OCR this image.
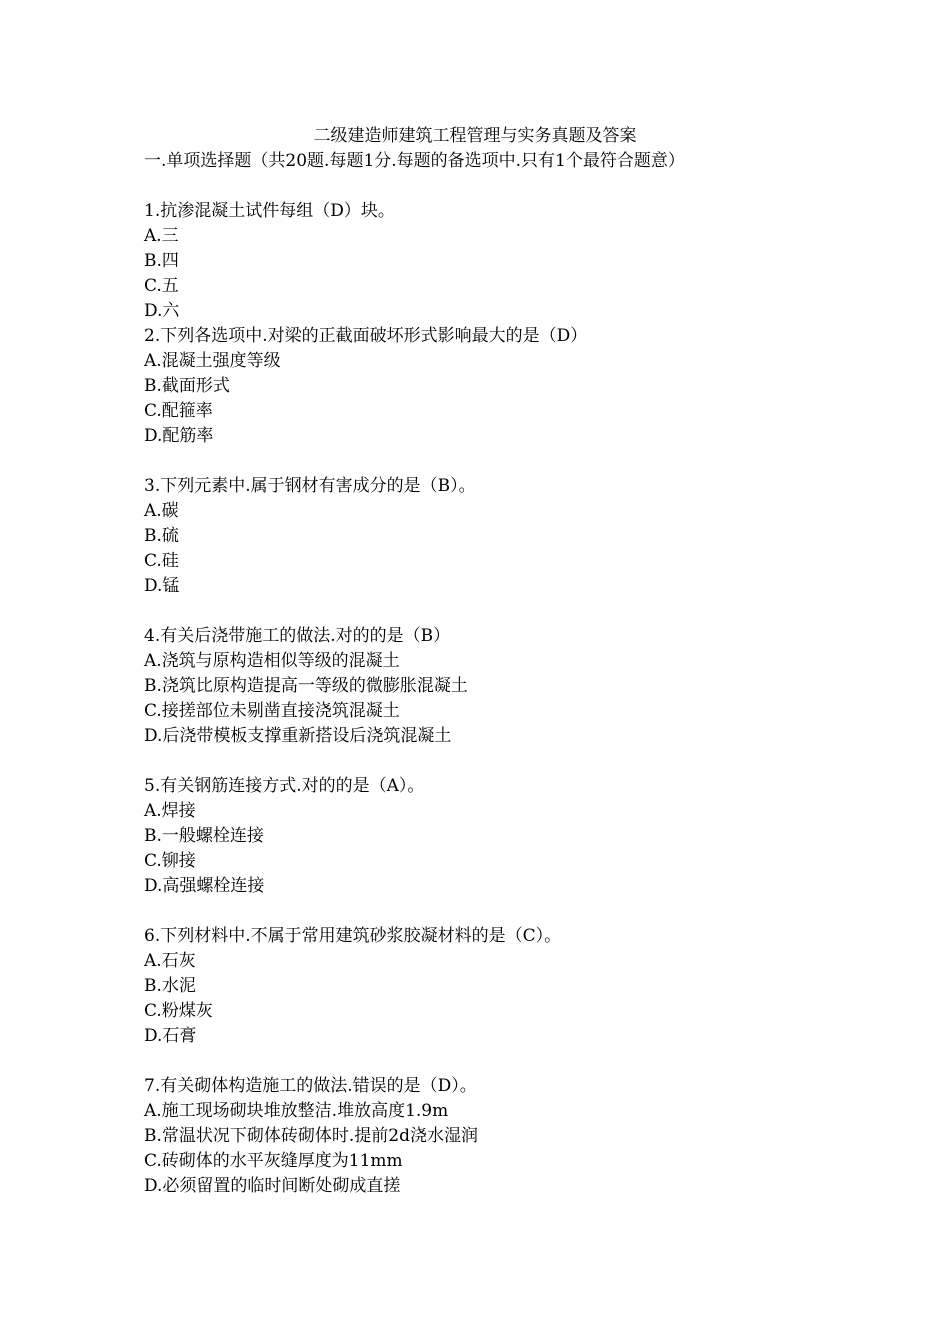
二级建造师建筑工程管理与实务真题及答案
一.单项选择题（共20题.每题1分.每题的备选项中.只有1个最符合题意）
1.抗渗混凝土试件每组（D）块。
A.三
B.四
C.五
D.六
2.下列各选项中.对梁的正截面破坏形式影响最大的是（D）
A.混凝土强度等级
B.截面形式
C.配箍率
D.配筋率
3.下列元素中.属于钢材有害成分的是（B）。
A.碳
B.硫
C.硅
D.锰
4.有关后浇带施工的做法.对的的是（B）
A.浇筑与原构造相似等级的混凝土
B.浇筑比原构造提高一等级的微膨胀混凝土
C.接搓部位未剔凿直接浇筑混凝土
D.后浇带模板支撑重新搭设后浇筑混凝土
5.有关钢筋连接方式.对的的是（A）。
A.焊接
B.一般螺栓连接
C.铆接
D.高强螺栓连接
6.下列材料中.不属于常用建筑砂浆胶凝材料的是（C）。
A.石灰
B.水泥
C.粉煤灰
D.石膏
7.有关砌体构造施工的做法.错误的是（D）。
A.施工现场砌块堆放整洁.堆放高度1.9m
B.常温状况下砌体砖砌体时.提前2d浇水湿润
C.砖砌体的水平灰缝厚度为11mm
D.必须留置的临时间断处砌成直搓
